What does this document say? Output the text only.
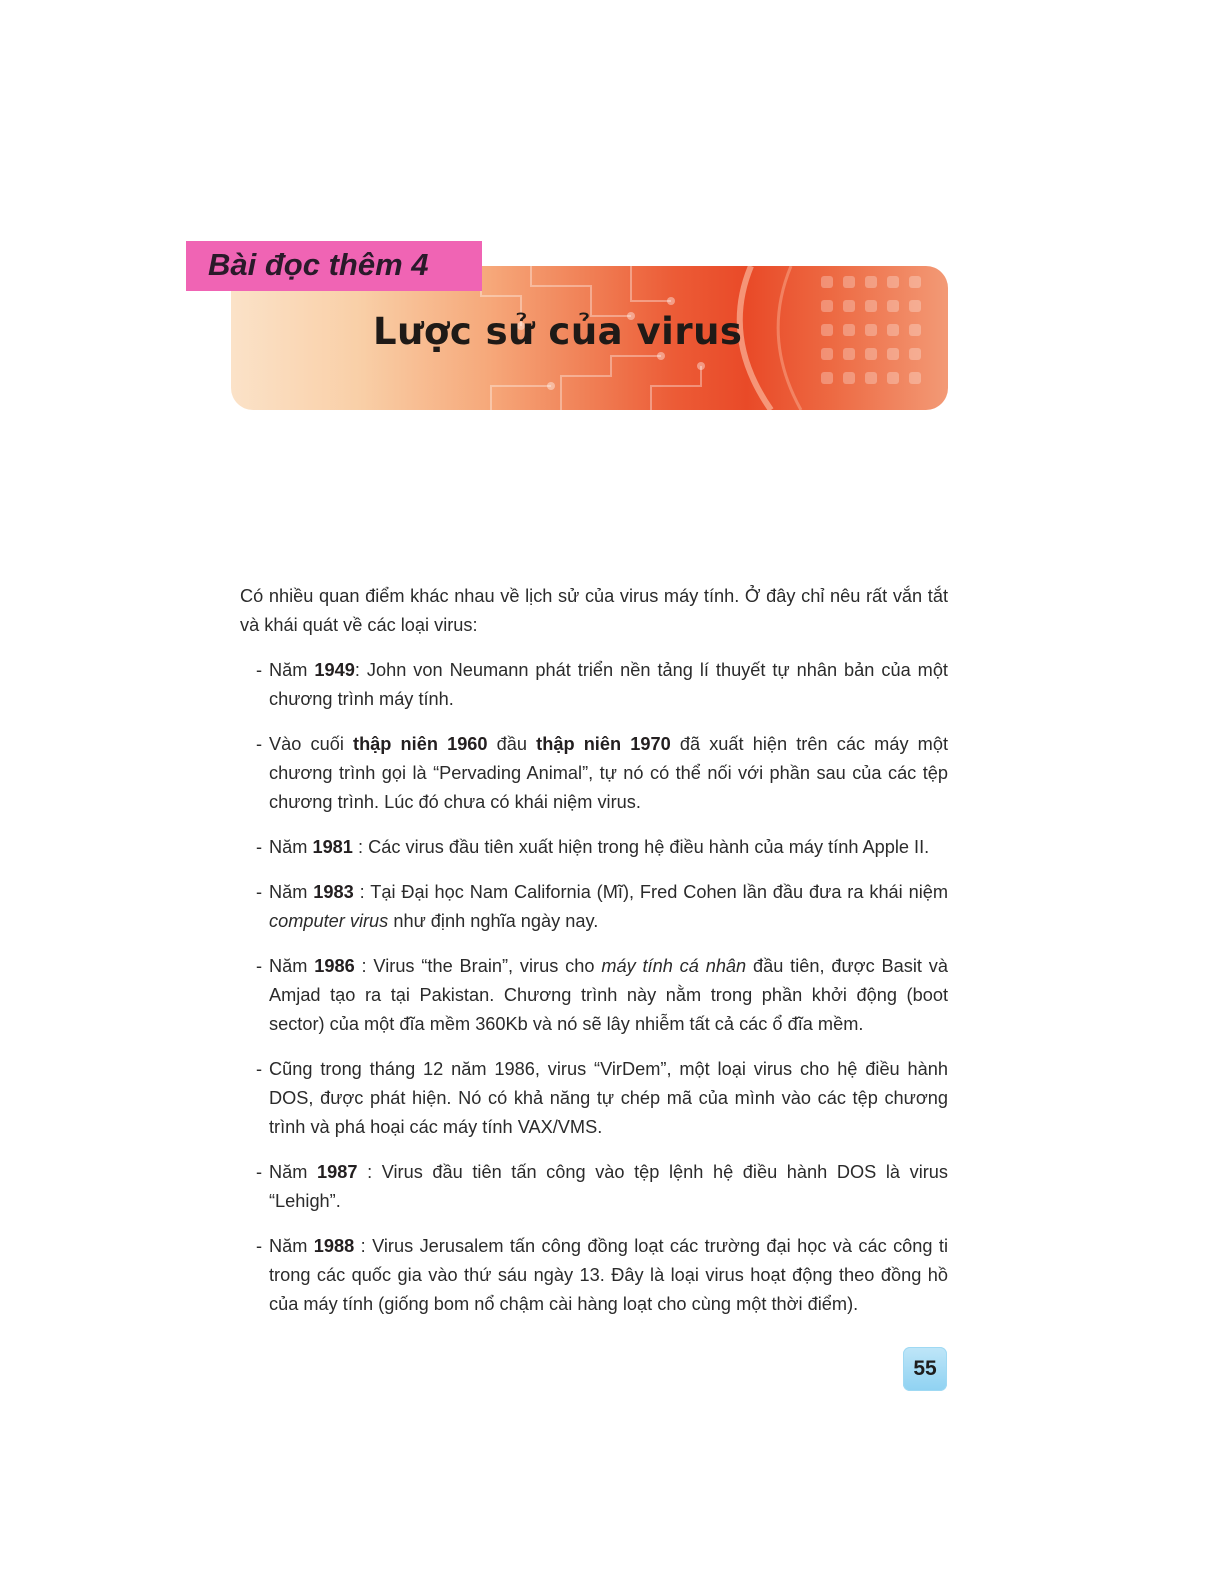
Lược sử của virus
Bài đọc thêm 4

Có nhiều quan điểm khác nhau về lịch sử của virus máy tính. Ở đây chỉ nêu rất vắn tắt và khái quát về các loại virus:

- Năm 1949: John von Neumann phát triển nền tảng lí thuyết tự nhân bản của một chương trình máy tính.

- Vào cuối thập niên 1960 đầu thập niên 1970 đã xuất hiện trên các máy một chương trình gọi là “Pervading Animal”, tự nó có thể nối với phần sau của các tệp chương trình. Lúc đó chưa có khái niệm virus.

- Năm 1981 : Các virus đầu tiên xuất hiện trong hệ điều hành của máy tính Apple II.

- Năm 1983 : Tại Đại học Nam California (Mĩ), Fred Cohen lần đầu đưa ra khái niệm computer virus như định nghĩa ngày nay.

- Năm 1986 : Virus “the Brain”, virus cho máy tính cá nhân đầu tiên, được Basit và Amjad tạo ra tại Pakistan. Chương trình này nằm trong phần khởi động (boot sector) của một đĩa mềm 360Kb và nó sẽ lây nhiễm tất cả các ổ đĩa mềm.

- Cũng trong tháng 12 năm 1986, virus “VirDem”, một loại virus cho hệ điều hành DOS, được phát hiện. Nó có khả năng tự chép mã của mình vào các tệp chương trình và phá hoại các máy tính VAX/VMS.

- Năm 1987 : Virus đầu tiên tấn công vào tệp lệnh hệ điều hành DOS là virus “Lehigh”.

- Năm 1988 : Virus Jerusalem tấn công đồng loạt các trường đại học và các công ti trong các quốc gia vào thứ sáu ngày 13. Đây là loại virus hoạt động theo đồng hồ của máy tính (giống bom nổ chậm cài hàng loạt cho cùng một thời điểm).

55
